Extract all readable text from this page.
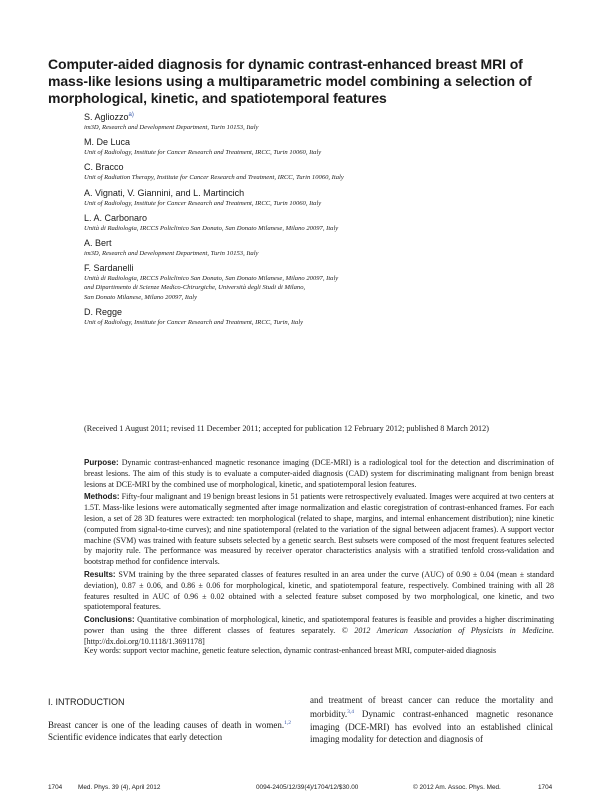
Computer-aided diagnosis for dynamic contrast-enhanced breast MRI of mass-like lesions using a multiparametric model combining a selection of morphological, kinetic, and spatiotemporal features
S. Agliozzo$^{a)}$
im3D, Research and Development Department, Turin 10153, Italy
M. De Luca
Unit of Radiology, Institute for Cancer Research and Treatment, IRCC, Turin 10060, Italy
C. Bracco
Unit of Radiation Therapy, Institute for Cancer Research and Treatment, IRCC, Turin 10060, Italy
A. Vignati, V. Giannini, and L. Martincich
Unit of Radiology, Institute for Cancer Research and Treatment, IRCC, Turin 10060, Italy
L. A. Carbonaro
Unità di Radiologia, IRCCS Policlinico San Donato, San Donato Milanese, Milano 20097, Italy
A. Bert
im3D, Research and Development Department, Turin 10153, Italy
F. Sardanelli
Unità di Radiologia, IRCCS Policlinico San Donato, San Donato Milanese, Milano 20097, Italy
and Dipartimento di Scienze Medico-Chirurgiche, Università degli Studi di Milano,
San Donato Milanese, Milano 20097, Italy
D. Regge
Unit of Radiology, Institute for Cancer Research and Treatment, IRCC, Turin, Italy

(Received 1 August 2011; revised 11 December 2011; accepted for publication 12 February 2012; published 8 March 2012)

Purpose: Dynamic contrast-enhanced magnetic resonance imaging (DCE-MRI) is a radiological tool for the detection and discrimination of breast lesions. The aim of this study is to evaluate a computer-aided diagnosis (CAD) system for discriminating malignant from benign breast lesions at DCE-MRI by the combined use of morphological, kinetic, and spatiotemporal lesion features.

Methods: Fifty-four malignant and 19 benign breast lesions in 51 patients were retrospectively evaluated. Images were acquired at two centers at 1.5T. Mass-like lesions were automatically segmented after image normalization and elastic coregistration of contrast-enhanced frames. For each lesion, a set of 28 3D features were extracted: ten morphological (related to shape, margins, and internal enhancement distribution); nine kinetic (computed from signal-to-time curves); and nine spatiotemporal (related to the variation of the signal between adjacent frames). A support vector machine (SVM) was trained with feature subsets selected by a genetic search. Best subsets were composed of the most frequent features selected by majority rule. The performance was measured by receiver operator characteristics analysis with a stratified tenfold cross-validation and bootstrap method for confidence intervals.

Results: SVM training by the three separated classes of features resulted in an area under the curve (AUC) of 0.90 ± 0.04 (mean ± standard deviation), 0.87 ± 0.06, and 0.86 ± 0.06 for morphological, kinetic, and spatiotemporal feature, respectively. Combined training with all 28 features resulted in AUC of 0.96 ± 0.02 obtained with a selected feature subset composed by two morphological, one kinetic, and two spatiotemporal features.

Conclusions: Quantitative combination of morphological, kinetic, and spatiotemporal features is feasible and provides a higher discriminating power than using the three different classes of features separately. © 2012 American Association of Physicists in Medicine. [http://dx.doi.org/10.1118/1.3691178]

Key words: support vector machine, genetic feature selection, dynamic contrast-enhanced breast MRI, computer-aided diagnosis

I. INTRODUCTION

Breast cancer is one of the leading causes of death in women.$^{1,2}$ Scientific evidence indicates that early detection

and treatment of breast cancer can reduce the mortality and morbidity.$^{3,4}$ Dynamic contrast-enhanced magnetic resonance imaging (DCE-MRI) has evolved into an established clinical imaging modality for detection and diagnosis of

1704 Med. Phys. 39 (4), April 2012	0094-2405/12/39(4)/1704/12/$30.00	© 2012 Am. Assoc. Phys. Med.	1704
